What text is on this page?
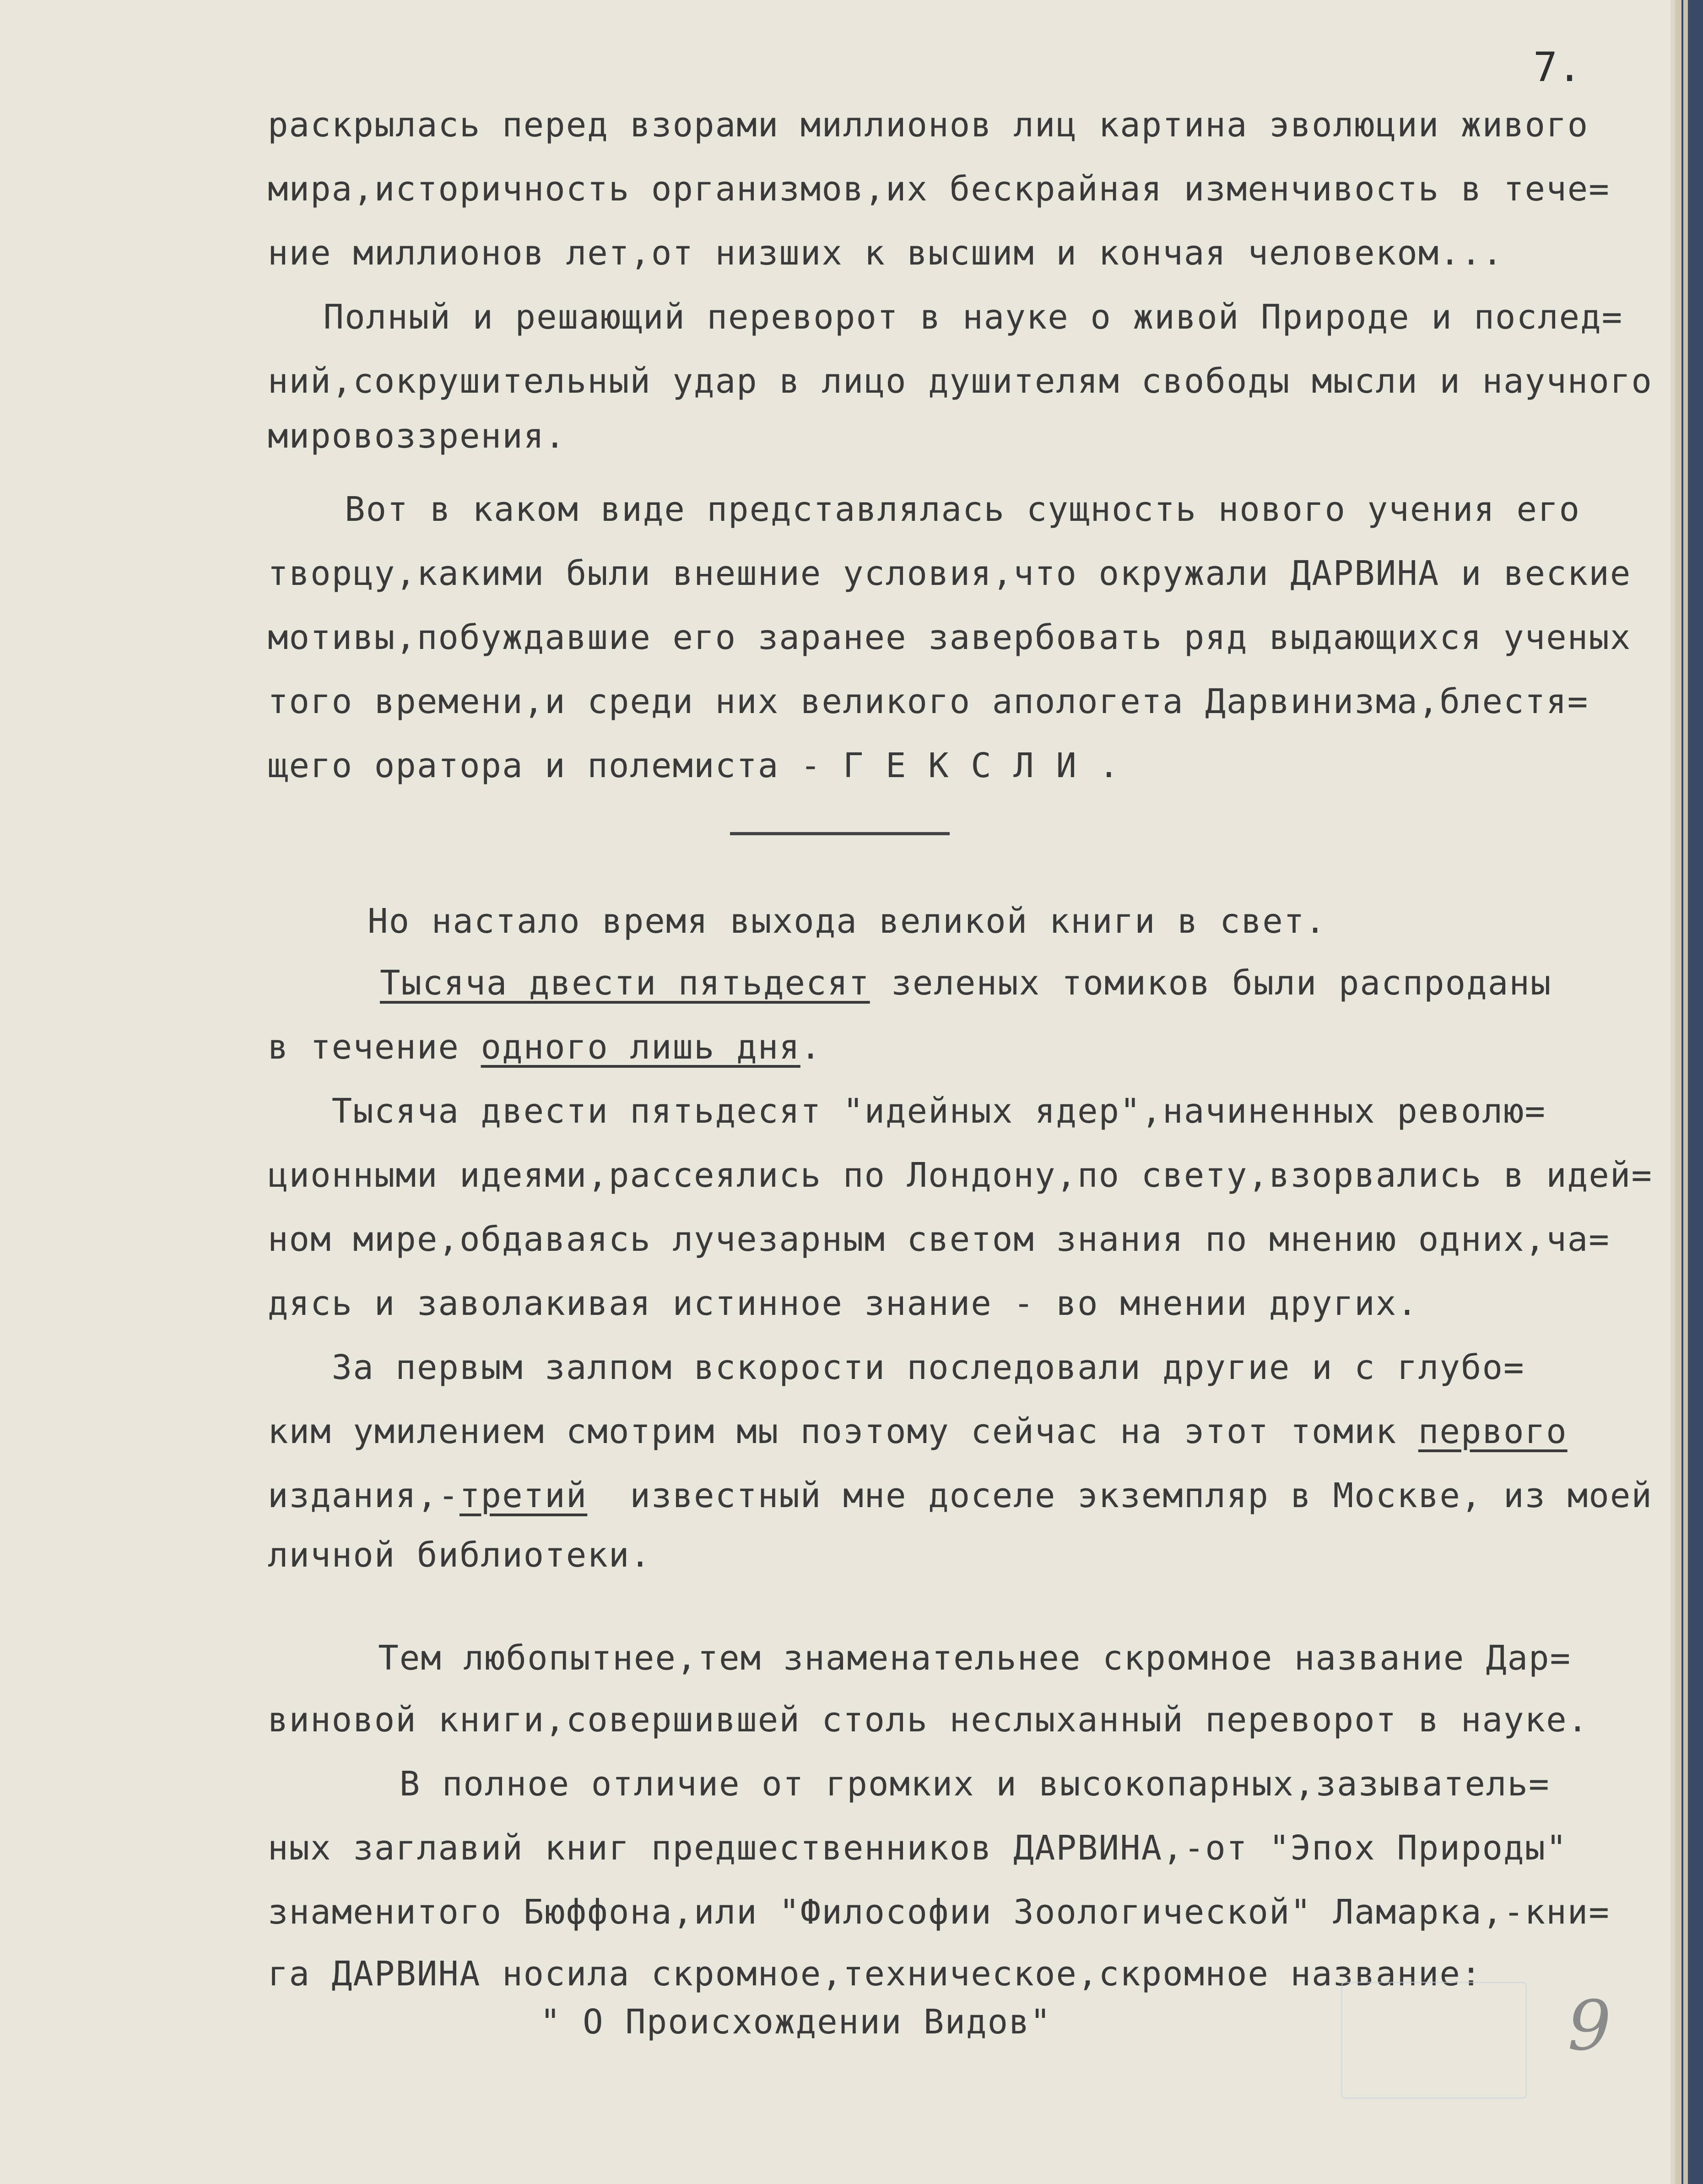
7.
раскрылась перед взорами миллионов лиц картина эволюции живого
мира,историчность организмов,их бескрайная изменчивость в тече=
ние миллионов лет,от низших к высшим и кончая человеком...
Полный и решающий переворот в науке о живой Природе и послед=
ний,сокрушительный удар в лицо душителям свободы мысли и научного
мировоззрения.
Вот в каком виде представлялась сущность нового учения его
творцу,какими были внешние условия,что окружали ДАРВИНА и веские
мотивы,побуждавшие его заранее завербовать ряд выдающихся ученых
того времени,и среди них великого апологета Дарвинизма,блестя=
щего оратора и полемиста - Г Е К С Л И .
Но настало время выхода великой книги в свет.
Тысяча двести пятьдесят зеленых томиков были распроданы
в течение одного лишь дня.
Тысяча двести пятьдесят "идейных ядер",начиненных револю=
ционными идеями,рассеялись по Лондону,по свету,взорвались в идей=
ном мире,обдаваясь лучезарным светом знания по мнению одних,ча=
дясь и заволакивая истинное знание - во мнении других.
За первым залпом вскорости последовали другие и с глубо=
ким умилением смотрим мы поэтому сейчас на этот томик первого
издания,-третий  известный мне доселе экземпляр в Москве, из моей
личной библиотеки.
Тем любопытнее,тем знаменательнее скромное название Дар=
виновой книги,совершившей столь неслыханный переворот в науке.
В полное отличие от громких и высокопарных,зазыватель=
ных заглавий книг предшественников ДАРВИНА,-от "Эпох Природы"
знаменитого Бюффона,или "Философии Зоологической" Ламарка,-кни=
га ДАРВИНА носила скромное,техническое,скромное название:
" О Происхождении Видов"	9
